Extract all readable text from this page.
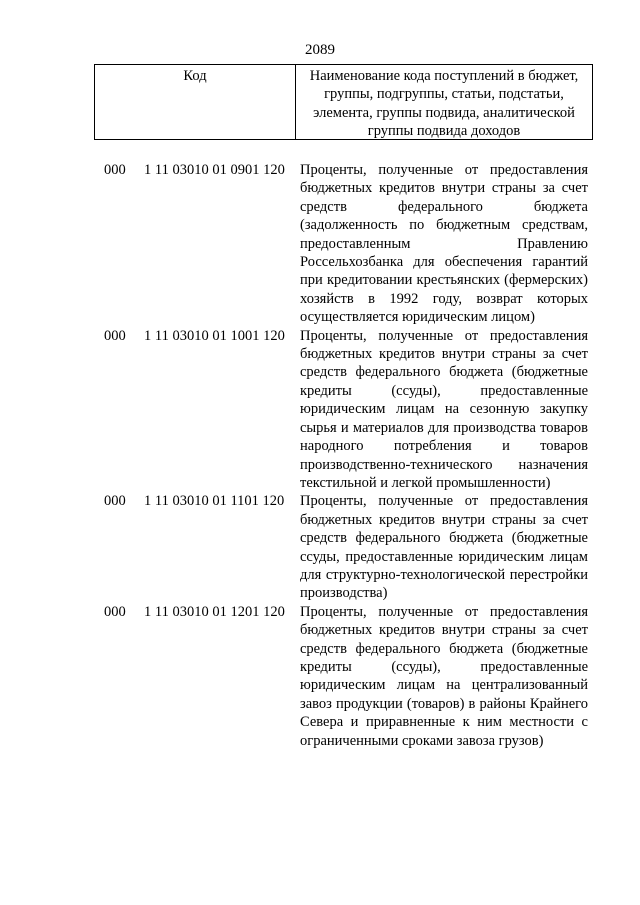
2089
Код	Наименование кода поступлений в бюджет, группы, подгруппы, статьи, подстатьи, элемента, группы подвида, аналитической группы подвида доходов
000 1 11 03010 01 0901 120 Проценты, полученные от предоставления бюджетных кредитов внутри страны за счет средств федерального бюджета (задолженность по бюджетным средствам, предоставленным Правлению Россельхозбанка для обеспечения гарантий при кредитовании крестьянских (фермерских) хозяйств в 1992 году, возврат которых осуществляется юридическим лицом)
000 1 11 03010 01 1001 120 Проценты, полученные от предоставления бюджетных кредитов внутри страны за счет средств федерального бюджета (бюджетные кредиты (ссуды), предоставленные юридическим лицам на сезонную закупку сырья и материалов для производства товаров народного потребления и товаров производственно-технического назначения текстильной и легкой промышленности)
000 1 11 03010 01 1101 120 Проценты, полученные от предоставления бюджетных кредитов внутри страны за счет средств федерального бюджета (бюджетные ссуды, предоставленные юридическим лицам для структурно-технологической перестройки производства)
000 1 11 03010 01 1201 120 Проценты, полученные от предоставления бюджетных кредитов внутри страны за счет средств федерального бюджета (бюджетные кредиты (ссуды), предоставленные юридическим лицам на централизованный завоз продукции (товаров) в районы Крайнего Севера и приравненные к ним местности с ограниченными сроками завоза грузов)
